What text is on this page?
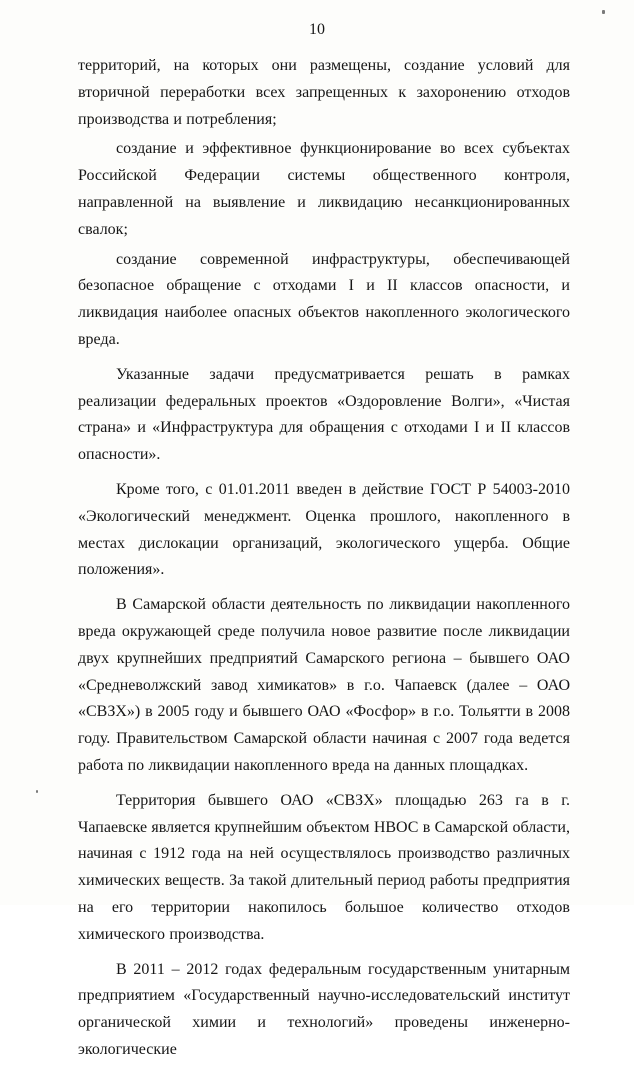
10

территорий, на которых они размещены, создание условий для вторичной переработки всех запрещенных к захоронению отходов производства и потребления;

создание и эффективное функционирование во всех субъектах Российской Федерации системы общественного контроля, направленной на выявление и ликвидацию несанкционированных свалок;

создание современной инфраструктуры, обеспечивающей безопасное обращение с отходами I и II классов опасности, и ликвидация наиболее опасных объектов накопленного экологического вреда.

Указанные задачи предусматривается решать в рамках реализации федеральных проектов «Оздоровление Волги», «Чистая страна» и «Инфраструктура для обращения с отходами I и II классов опасности».

Кроме того, с 01.01.2011 введен в действие ГОСТ Р 54003-2010 «Экологический менеджмент. Оценка прошлого, накопленного в местах дислокации организаций, экологического ущерба. Общие положения».

В Самарской области деятельность по ликвидации накопленного вреда окружающей среде получила новое развитие после ликвидации двух крупнейших предприятий Самарского региона – бывшего ОАО «Средневолжский завод химикатов» в г.о. Чапаевск (далее – ОАО «СВЗХ») в 2005 году и бывшего ОАО «Фосфор» в г.о. Тольятти в 2008 году. Правительством Самарской области начиная с 2007 года ведется работа по ликвидации накопленного вреда на данных площадках.

Территория бывшего ОАО «СВЗХ» площадью 263 га в г. Чапаевске является крупнейшим объектом НВОС в Самарской области, начиная с 1912 года на ней осуществлялось производство различных химических веществ. За такой длительный период работы предприятия на его территории накопилось большое количество отходов химического производства.

В 2011 – 2012 годах федеральным государственным унитарным предприятием «Государственный научно-исследовательский институт органической химии и технологий» проведены инженерно-экологические
